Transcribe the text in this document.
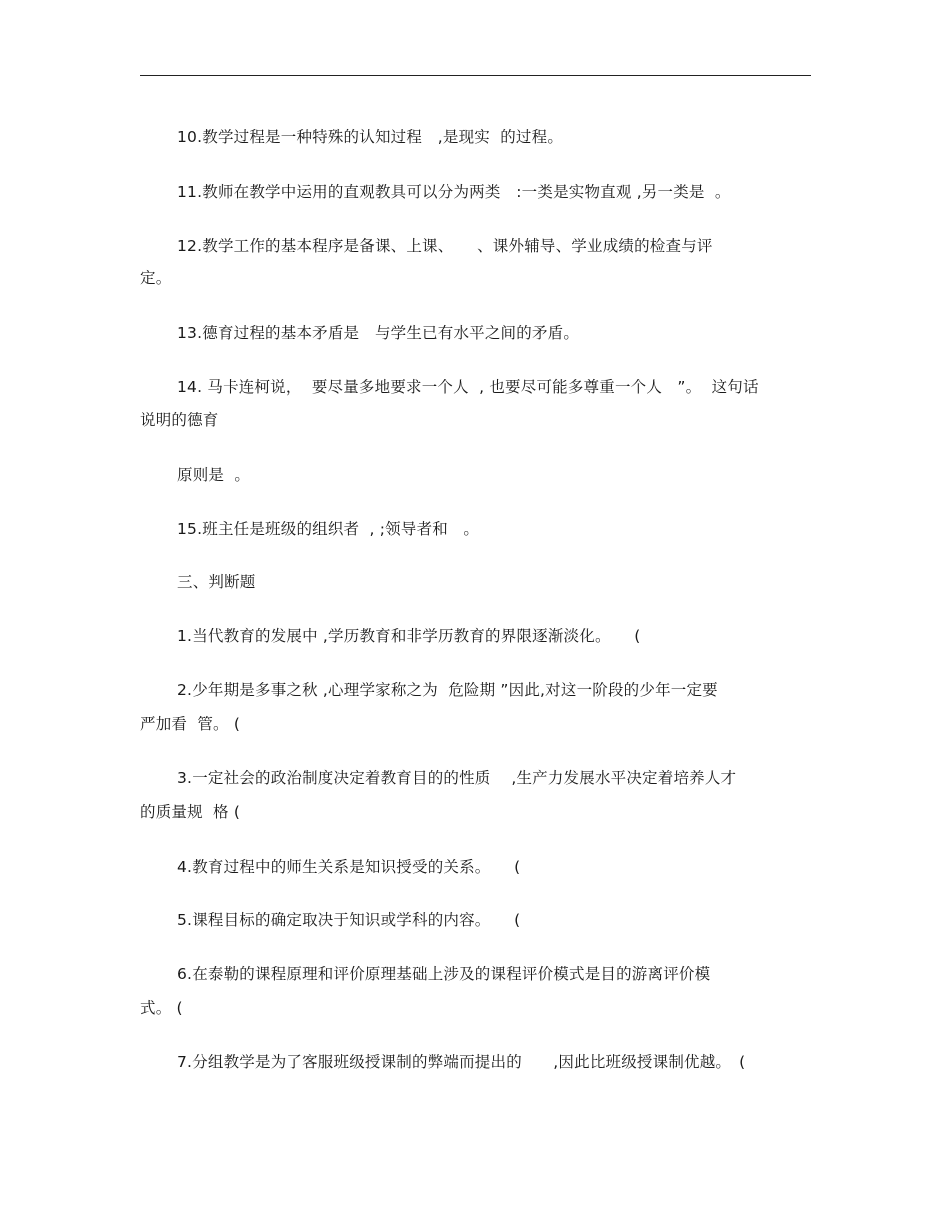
10.教学过程是一种特殊的认知过程　,是现实  的过程。
11.教师在教学中运用的直观教具可以分为两类　:一类是实物直观 ,另一类是  。
12.教学工作的基本程序是备课、上课、　　、课外辅导、学业成绩的检查与评
定。
13.德育过程的基本矛盾是　与学生已有水平之间的矛盾。
14. 马卡连柯说，  要尽量多地要求一个人  , 也要尽可能多尊重一个人   ”。  这句话
说明的德育
原则是  。
15.班主任是班级的组织者  , ;领导者和   。
三、判断题
1.当代教育的发展中 ,学历教育和非学历教育的界限逐渐淡化。　　(
2.少年期是多事之秋 ,心理学家称之为  危险期 ”因此,对这一阶段的少年一定要
严加看  管。 (
3.一定社会的政治制度决定着教育目的的性质　 ,生产力发展水平决定着培养人才
的质量规  格 (
4.教育过程中的师生关系是知识授受的关系。　　(
5.课程目标的确定取决于知识或学科的内容。　　(
6.在泰勒的课程原理和评价原理基础上涉及的课程评价模式是目的游离评价模
式。 (
7.分组教学是为了客服班级授课制的弊端而提出的　　,因此比班级授课制优越。　(
